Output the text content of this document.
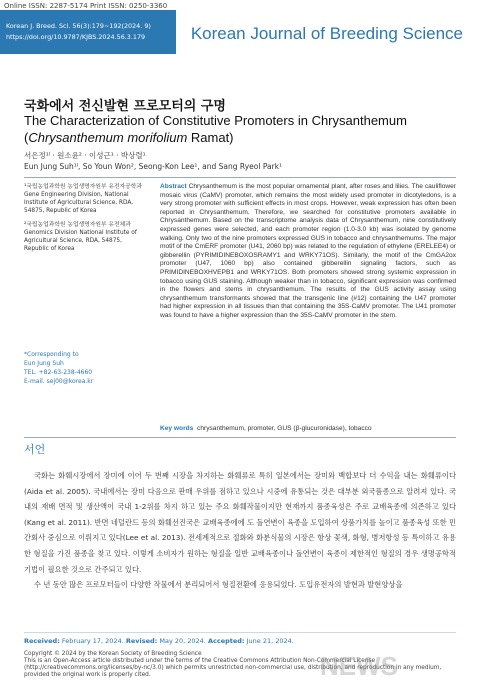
Online ISSN: 2287-5174 Print ISSN: 0250-3360
Korean J. Breed. Sci. 56(3):179~192(2024. 9)
https://doi.org/10.9787/KJBS.2024.56.3.179	Korean Journal of Breeding Science
국화에서 전신발현 프로모터의 구명
The Characterization of Constitutive Promoters in Chrysanthemum (Chrysanthemum morifolium Ramat)
서은정¹ˡ · 원소윤² · 이성근¹ · 박상렬¹
Eun Jung Suh¹ˡ, So Youn Won², Seong-Kon Lee¹, and Sang Ryeol Park¹
¹국립농업과학원 농업생명자원부 유전자공학과
Gene Engineering Division, National Institute of Agricultural Science, RDA, 54875, Republic of Korea
²국립농업과학원 농업생명자원부 유전체과
Genomics Division National Institute of Agricultural Science, RDA, 54875, Republic of Korea
*Corresponding to
Eun Jung Suh
TEL. +82-63-238-4660
E-mail. sej00@korea.kr
Abstract Chrysanthemum is the most popular ornamental plant, after roses and lilies. The cauliflower mosaic virus (CaMV) promoter, which remains the most widely used promoter in dicotyledons, is a very strong promoter with sufficient effects in most crops. However, weak expression has often been reported in Chrysanthemum. Therefore, we searched for constitutive promoters available in Chrysanthemum. Based on the transcriptome analysis data of Chrysanthemum, nine constitutively expressed genes were selected, and each promoter region (1.0-3.0 kb) was isolated by genome walking. Only two of the nine promoters expressed GUS in tobacco and chrysanthemums. The major motif of the CmERF promoter (U41, 2060 bp) was related to the regulation of ethylene (ERELEE4) or gibberellin (PYRIMIDINEBOXOSRAMY1 and WRKY71OS). Similarly, the motif of the CmGA2ox promoter (U47, 1060 bp) also contained gibberellin signaling factors, such as PRIMIDINEBOXHVEPB1 and WRKY71OS. Both promoters showed strong systemic expression in tobacco using GUS staining. Although weaker than in tobacco, significant expression was confirmed in the flowers and stems in chrysanthemum. The results of the GUS activity assay using chrysanthemum transformants showed that the transgenic line (#12) containing the U47 promoter had higher expression in all tissues than that containing the 35S-CaMV promoter. The U41 promoter was found to have a higher expression than the 35S-CaMV promoter in the stem.
Key words chrysanthemum, promoter, GUS (β-glucuronidase), tobacco
서언

국화는 화훼시장에서 장미에 이어 두 번째 시장을 차지하는 화훼류로 특히 일본에서는 장미와 백합보다 더 수익을 내는 화훼류이다(Aida et al. 2005). 국내에서는 장미 다음으로 판매 우위를 점하고 있으나 시중에 유통되는 것은 대부분 외국품종으로 알려져 있다. 국내의 재배 면적 및 생산액이 국내 1-2위를 차지 하고 있는 주요 화훼작물이지만 현재까지 품종육성은 주로 교배육종에 의존하고 있다(Kang et al. 2011). 반면 네덜란드 등의 화훼선진국은 교배육종에에 도 돌연변이 육종을 도입하여 상품가치를 높이고 품종육성 또한 민간회사 중심으로 이뤄지고 있다(Lee et al. 2013). 전세계적으로 절화와 화분식물의 시장은 항상 꽃색, 화형, 병저항성 등 특이하고 유용한 형질을 가진 품종을 찾고 있다. 이렇게 소비자가 원하는 형질을 일반 교배육종이나 돌연변이 육종이 제한적인 형질의 경우 생명공학적 기법이 필요한 것으로 간주되고 있다.

수 년 동안 많은 프로모터들이 다양한 작물에서 분리되어서 형질전환에 응용되었다. 도입유전자의 발현과 발현양상을

Received: February 17, 2024. Revised: May 20, 2024. Accepted: June 21, 2024.
Copyright © 2024 by the Korean Society of Breeding Science
This is an Open-Access article distributed under the terms of the Creative Commons Attribution Non-Commercial License (http://creativecommons.org/licenses/by-nc/3.0) which permits unrestricted non-commercial use, distribution, and reproduction in any medium, provided the original work is properly cited.	NEWS
